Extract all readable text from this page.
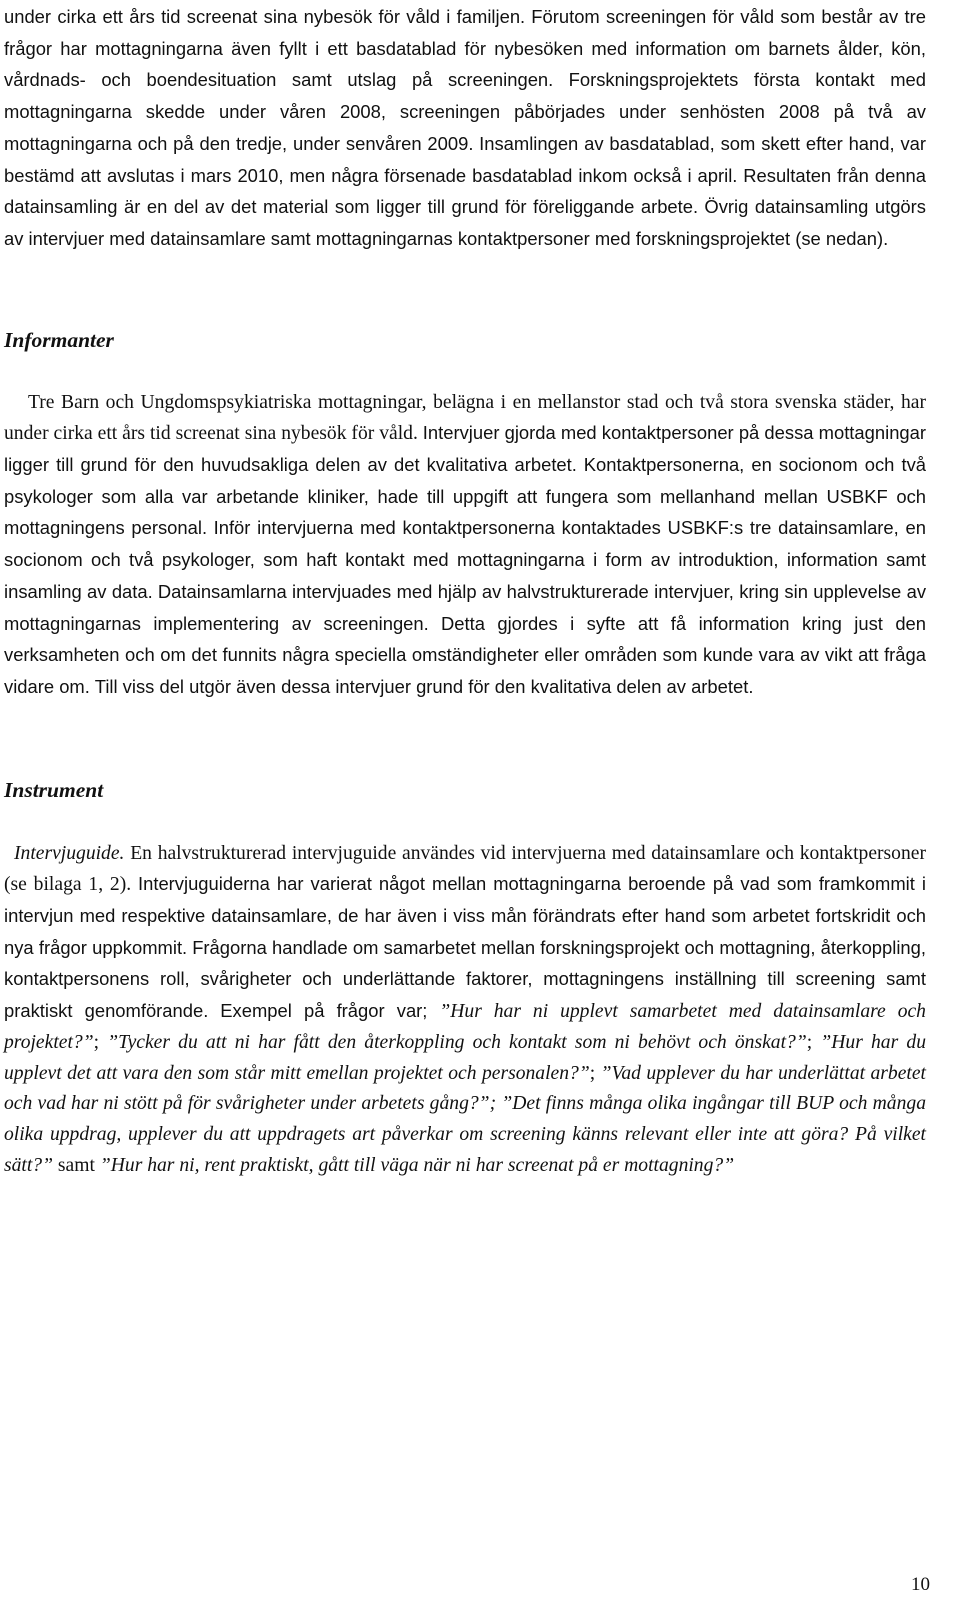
under cirka ett års tid screenat sina nybesök för våld i familjen. Förutom screeningen för våld som består av tre frågor har mottagningarna även fyllt i ett basdatablad för nybesöken med information om barnets ålder, kön, vårdnads- och boendesituation samt utslag på screeningen. Forskningsprojektets första kontakt med mottagningarna skedde under våren 2008, screeningen påbörjades under senhösten 2008 på två av mottagningarna och på den tredje, under senvåren 2009. Insamlingen av basdatablad, som skett efter hand, var bestämd att avslutas i mars 2010, men några försenade basdatablad inkom också i april. Resultaten från denna datainsamling är en del av det material som ligger till grund för föreliggande arbete. Övrig datainsamling utgörs av intervjuer med datainsamlare samt mottagningarnas kontaktpersoner med forskningsprojektet (se nedan).

Informanter

Tre Barn och Ungdomspsykiatriska mottagningar, belägna i en mellanstor stad och två stora svenska städer, har under cirka ett års tid screenat sina nybesök för våld. Intervjuer gjorda med kontaktpersoner på dessa mottagningar ligger till grund för den huvudsakliga delen av det kvalitativa arbetet. Kontaktpersonerna, en socionom och två psykologer som alla var arbetande kliniker, hade till uppgift att fungera som mellanhand mellan USBKF och mottagningens personal. Inför intervjuerna med kontaktpersonerna kontaktades USBKF:s tre datainsamlare, en socionom och två psykologer, som haft kontakt med mottagningarna i form av introduktion, information samt insamling av data. Datainsamlarna intervjuades med hjälp av halvstrukturerade intervjuer, kring sin upplevelse av mottagningarnas implementering av screeningen. Detta gjordes i syfte att få information kring just den verksamheten och om det funnits några speciella omständigheter eller områden som kunde vara av vikt att fråga vidare om. Till viss del utgör även dessa intervjuer grund för den kvalitativa delen av arbetet.

Instrument

Intervjuguide. En halvstrukturerad intervjuguide användes vid intervjuerna med datainsamlare och kontaktpersoner (se bilaga 1, 2). Intervjuguiderna har varierat något mellan mottagningarna beroende på vad som framkommit i intervjun med respektive datainsamlare, de har även i viss mån förändrats efter hand som arbetet fortskridit och nya frågor uppkommit. Frågorna handlade om samarbetet mellan forskningsprojekt och mottagning, återkoppling, kontaktpersonens roll, svårigheter och underlättande faktorer, mottagningens inställning till screening samt praktiskt genomförande. Exempel på frågor var; ”Hur har ni upplevt samarbetet med datainsamlare och projektet?”; ”Tycker du att ni har fått den återkoppling och kontakt som ni behövt och önskat?”; ”Hur har du upplevt det att vara den som står mitt emellan projektet och personalen?”; ”Vad upplever du har underlättat arbetet och vad har ni stött på för svårigheter under arbetets gång?”; ”Det finns många olika ingångar till BUP och många olika uppdrag, upplever du att uppdragets art påverkar om screening känns relevant eller inte att göra? På vilket sätt?” samt ”Hur har ni, rent praktiskt, gått till väga när ni har screenat på er mottagning?”

10
